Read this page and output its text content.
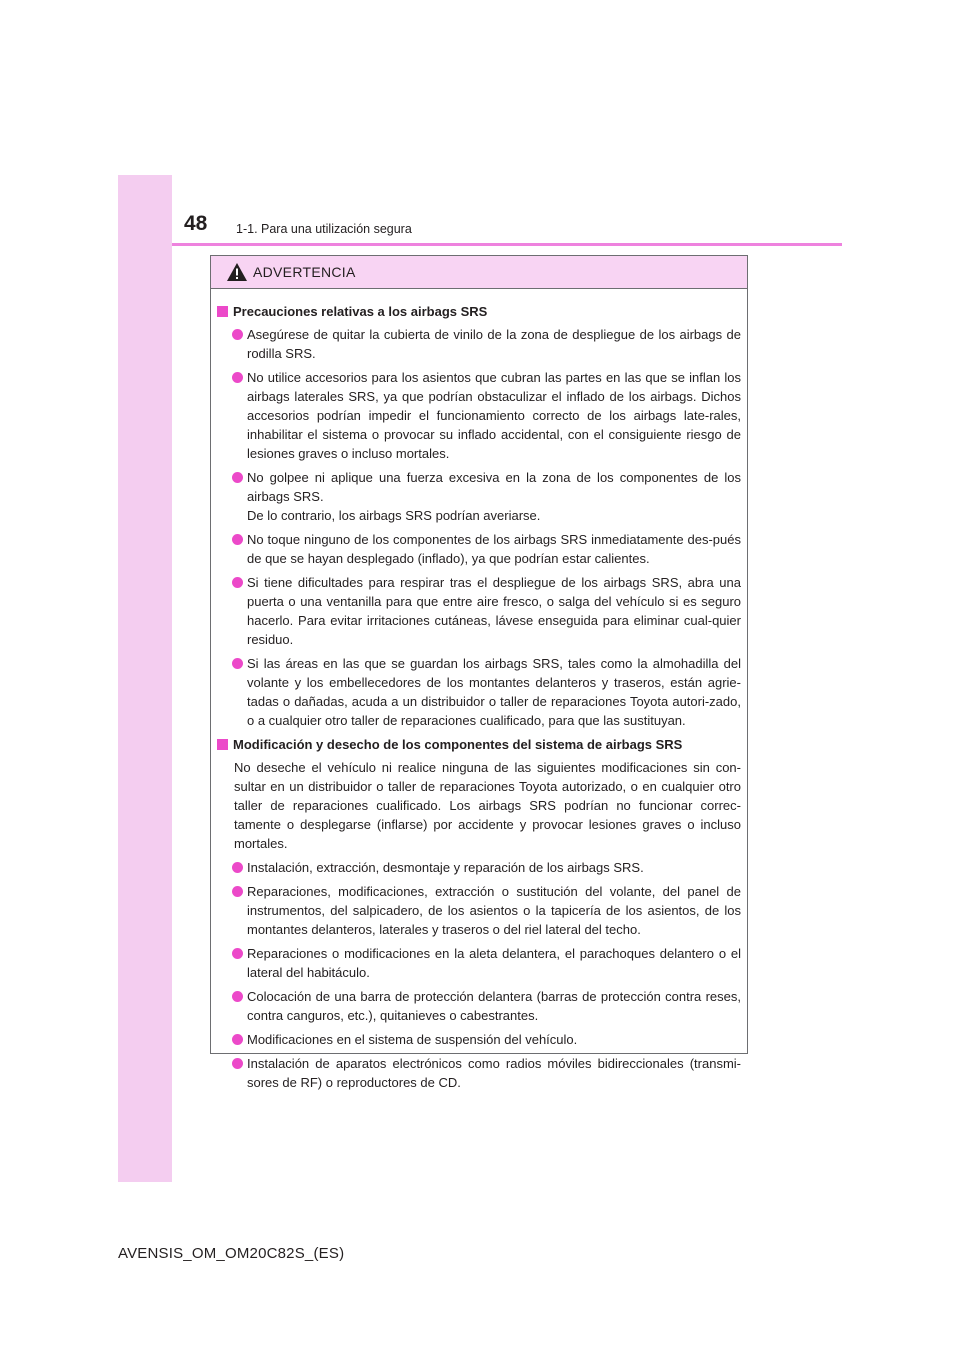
48 1-1. Para una utilización segura
ADVERTENCIA
Precauciones relativas a los airbags SRS
Asegúrese de quitar la cubierta de vinilo de la zona de despliegue de los airbags de rodilla SRS.
No utilice accesorios para los asientos que cubran las partes en las que se inflan los airbags laterales SRS, ya que podrían obstaculizar el inflado de los airbags. Dichos accesorios podrían impedir el funcionamiento correcto de los airbags late-rales, inhabilitar el sistema o provocar su inflado accidental, con el consiguiente riesgo de lesiones graves o incluso mortales.
No golpee ni aplique una fuerza excesiva en la zona de los componentes de los airbags SRS.
De lo contrario, los airbags SRS podrían averiarse.
No toque ninguno de los componentes de los airbags SRS inmediatamente des-pués de que se hayan desplegado (inflado), ya que podrían estar calientes.
Si tiene dificultades para respirar tras el despliegue de los airbags SRS, abra una puerta o una ventanilla para que entre aire fresco, o salga del vehículo si es seguro hacerlo. Para evitar irritaciones cutáneas, lávese enseguida para eliminar cual-quier residuo.
Si las áreas en las que se guardan los airbags SRS, tales como la almohadilla del volante y los embellecedores de los montantes delanteros y traseros, están agrie-tadas o dañadas, acuda a un distribuidor o taller de reparaciones Toyota autori-zado, o a cualquier otro taller de reparaciones cualificado, para que las sustituyan.
Modificación y desecho de los componentes del sistema de airbags SRS
No deseche el vehículo ni realice ninguna de las siguientes modificaciones sin con-sultar en un distribuidor o taller de reparaciones Toyota autorizado, o en cualquier otro taller de reparaciones cualificado. Los airbags SRS podrían no funcionar correc-tamente o desplegarse (inflarse) por accidente y provocar lesiones graves o incluso mortales.
Instalación, extracción, desmontaje y reparación de los airbags SRS.
Reparaciones, modificaciones, extracción o sustitución del volante, del panel de instrumentos, del salpicadero, de los asientos o la tapicería de los asientos, de los montantes delanteros, laterales y traseros o del riel lateral del techo.
Reparaciones o modificaciones en la aleta delantera, el parachoques delantero o el lateral del habitáculo.
Colocación de una barra de protección delantera (barras de protección contra reses, contra canguros, etc.), quitanieves o cabestrantes.
Modificaciones en el sistema de suspensión del vehículo.
Instalación de aparatos electrónicos como radios móviles bidireccionales (transmi-sores de RF) o reproductores de CD.
AVENSIS_OM_OM20C82S_(ES)
